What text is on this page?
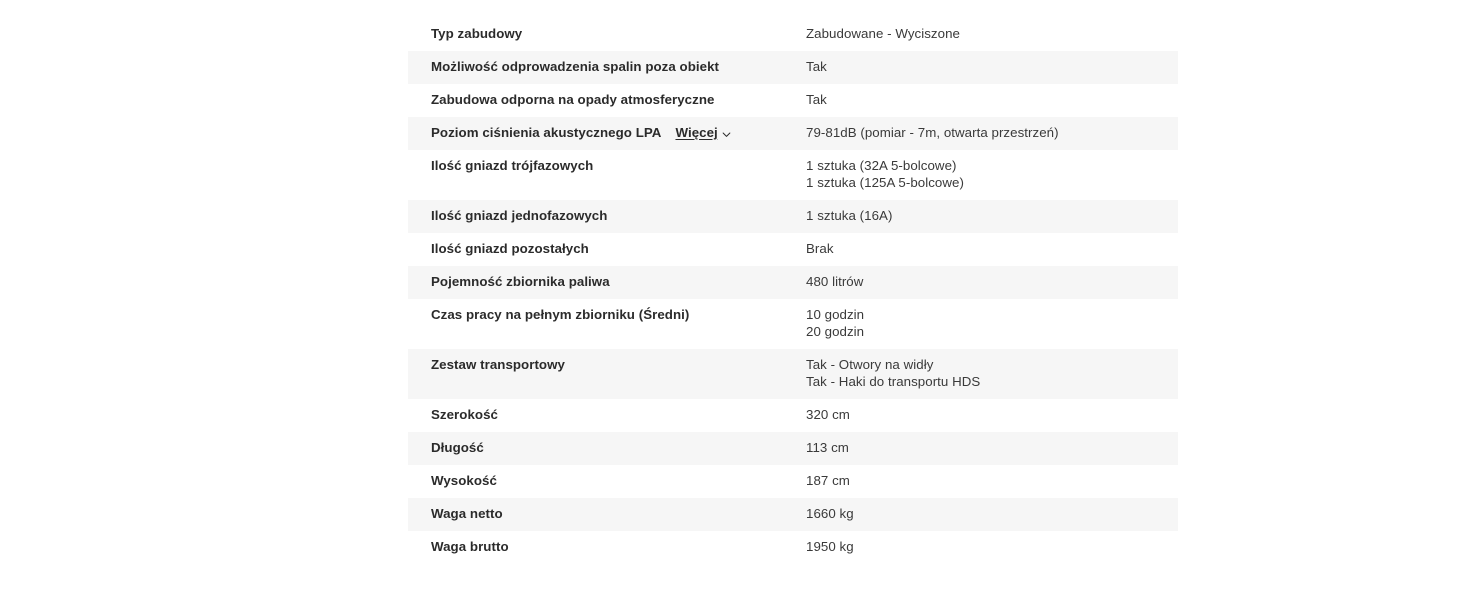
Typ zabudowy	Zabudowane - Wyciszone
Możliwość odprowadzenia spalin poza obiekt	Tak
Zabudowa odporna na opady atmosferyczne	Tak
Poziom ciśnienia akustycznego LPA Więcej	79-81dB (pomiar - 7m, otwarta przestrzeń)
Ilość gniazd trójfazowych	1 sztuka (32A 5-bolcowe)
1 sztuka (125A 5-bolcowe)
Ilość gniazd jednofazowych	1 sztuka (16A)
Ilość gniazd pozostałych	Brak
Pojemność zbiornika paliwa	480 litrów
Czas pracy na pełnym zbiorniku (Średni)	10 godzin
20 godzin
Zestaw transportowy	Tak - Otwory na widły
Tak - Haki do transportu HDS
Szerokość	320 cm
Długość	113 cm
Wysokość	187 cm
Waga netto	1660 kg
Waga brutto	1950 kg
